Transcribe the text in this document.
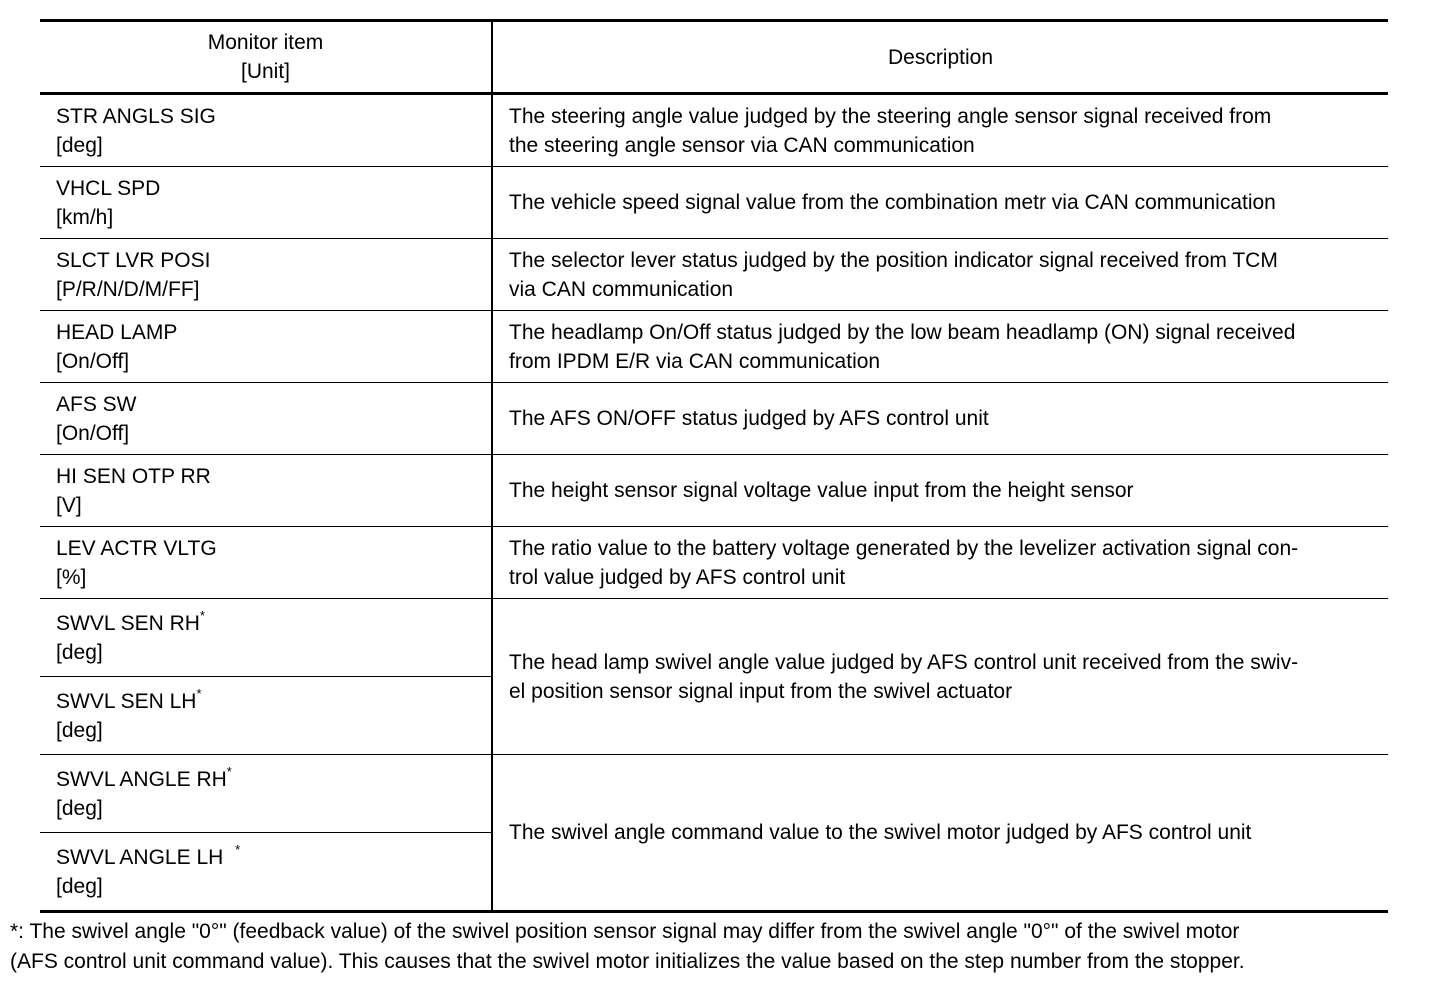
Monitor item
[Unit]	Description

STR ANGLS SIG
[deg]	The steering angle value judged by the steering angle sensor signal received from
the steering angle sensor via CAN communication

VHCL SPD
[km/h]	The vehicle speed signal value from the combination metr via CAN communication

SLCT LVR POSI
[P/R/N/D/M/FF]	The selector lever status judged by the position indicator signal received from TCM
via CAN communication

HEAD LAMP
[On/Off]	The headlamp On/Off status judged by the low beam headlamp (ON) signal received
from IPDM E/R via CAN communication

AFS SW
[On/Off]	The AFS ON/OFF status judged by AFS control unit

HI SEN OTP RR
[V]	The height sensor signal voltage value input from the height sensor

LEV ACTR VLTG
[%]	The ratio value to the battery voltage generated by the levelizer activation signal con-
trol value judged by AFS control unit

SWVL SEN RH*
[deg]	The head lamp swivel angle value judged by AFS control unit received from the swiv-
el position sensor signal input from the swivel actuator

SWVL SEN LH*
[deg]	

SWVL ANGLE RH*
[deg]	The swivel angle command value to the swivel motor judged by AFS control unit

SWVL ANGLE LH *
[deg]	
*: The swivel angle "0°" (feedback value) of the swivel position sensor signal may differ from the swivel angle "0°" of the swivel motor
(AFS control unit command value). This causes that the swivel motor initializes the value based on the step number from the stopper.
